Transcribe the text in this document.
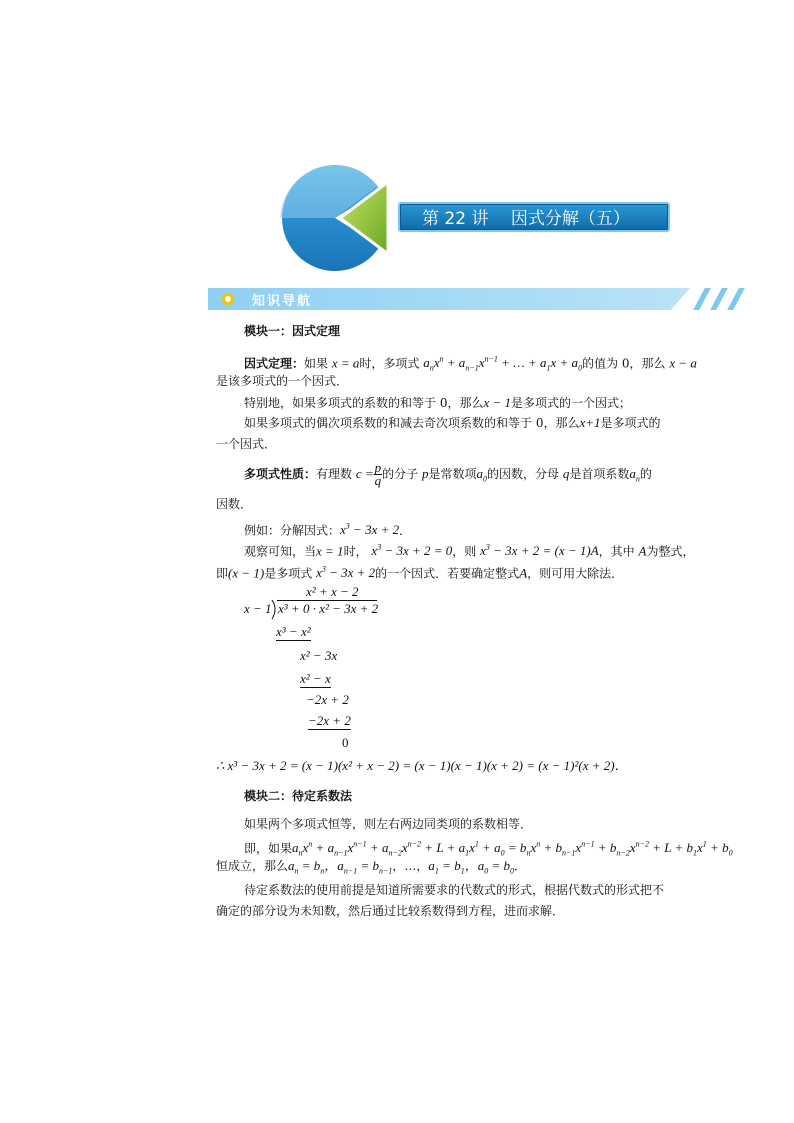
第 22 讲　 因式分解（五）
知识导航
模块一：因式定理
因式定理：如果 x = a时，多项式 $a_nx^n + a_{n-1}x^{n-1}$ + … + $a_1x + a_0$的值为 0，那么 x − a
是该多项式的一个因式．
特别地，如果多项式的系数的和等于 0，那么x − 1是多项式的一个因式；
如果多项式的偶次项系数的和减去奇次项系数的和等于 0，那么x+1是多项式的
一个因式．
多项式性质：有理数 $c = \frac{p}{q}$ 的分子 p是常数项$a_0$的因数，分母 q是首项系数$a_n$的
因数．
例如：分解因式：$x^3 - 3x + 2$．
观察可知，当x = 1时， $x^3 - 3x + 2 = 0$，则 $x^3 - 3x + 2 = (x - 1)A$，其中 A为整式，
即(x − 1)是多项式 $x^3 - 3x + 2$的一个因式．若要确定整式A，则可用大除法．
x² + x − 2
x − 1 x³ + 0 · x² − 3x + 2
x³ − x²
x² − 3x
x² − x
−2x + 2
−2x + 2
0
∴ x³ − 3x + 2 = (x − 1)(x² + x − 2) = (x − 1)(x − 1)(x + 2) = (x − 1)²(x + 2)．
模块二：待定系数法
如果两个多项式恒等，则左右两边同类项的系数相等．
即，如果$a_nx^n + a_{n-1}x^{n-1} + a_{n-2}x^{n-2} + L + a_1x^1 + a_0 = b_nx^n + b_{n-1}x^{n-1} + b_{n-2}x^{n-2} + L + b_1x^1 + b_0$
恒成立，那么$a_n = b_n$，$a_{n-1} = b_{n-1}$，…，$a_1 = b_1$，$a_0 = b_0$．
待定系数法的使用前提是知道所需要求的代数式的形式，根据代数式的形式把不
确定的部分设为未知数，然后通过比较系数得到方程，进而求解．
